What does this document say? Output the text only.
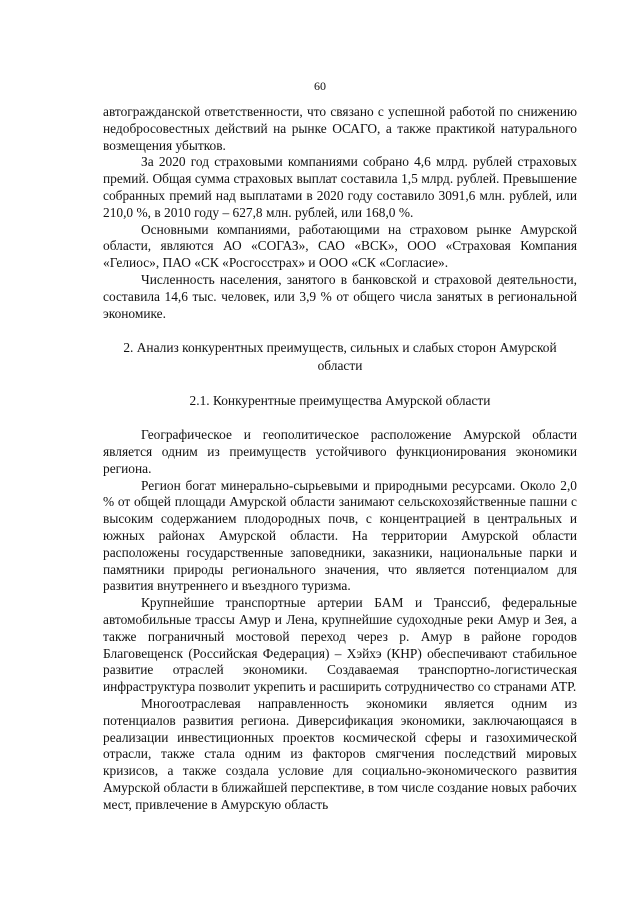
60

автогражданской ответственности, что связано с успешной работой по снижению недобросовестных действий на рынке ОСАГО, а также практикой натурального возмещения убытков.

За 2020 год страховыми компаниями собрано 4,6 млрд. рублей страховых премий. Общая сумма страховых выплат составила 1,5 млрд. рублей. Превышение собранных премий над выплатами в 2020 году составило 3091,6 млн. рублей, или 210,0 %, в 2010 году – 627,8 млн. рублей, или 168,0 %.

Основными компаниями, работающими на страховом рынке Амурской области, являются АО «СОГАЗ», САО «ВСК», ООО «Страховая Компания «Гелиос», ПАО «СК «Росгосстрах» и ООО «СК «Согласие».

Численность населения, занятого в банковской и страховой деятельности, составила 14,6 тыс. человек, или 3,9 % от общего числа занятых в региональной экономике.

2. Анализ конкурентных преимуществ, сильных и слабых сторон Амурской области

2.1. Конкурентные преимущества Амурской области

Географическое и геополитическое расположение Амурской области является одним из преимуществ устойчивого функционирования экономики региона.

Регион богат минерально-сырьевыми и природными ресурсами. Около 2,0 % от общей площади Амурской области занимают сельскохозяйственные пашни с высоким содержанием плодородных почв, с концентрацией в центральных и южных районах Амурской области. На территории Амурской области расположены государственные заповедники, заказники, национальные парки и памятники природы регионального значения, что является потенциалом для развития внутреннего и въездного туризма.

Крупнейшие транспортные артерии БАМ и Транссиб, федеральные автомобильные трассы Амур и Лена, крупнейшие судоходные реки Амур и Зея, а также пограничный мостовой переход через р. Амур в районе городов Благовещенск (Российская Федерация) – Хэйхэ (КНР) обеспечивают стабильное развитие отраслей экономики. Создаваемая транспортно-логистическая инфраструктура позволит укрепить и расширить сотрудничество со странами АТР.

Многоотраслевая направленность экономики является одним из потенциалов развития региона. Диверсификация экономики, заключающаяся в реализации инвестиционных проектов космической сферы и газохимической отрасли, также стала одним из факторов смягчения последствий мировых кризисов, а также создала условие для социально-экономического развития Амурской области в ближайшей перспективе, в том числе создание новых рабочих мест, привлечение в Амурскую область
